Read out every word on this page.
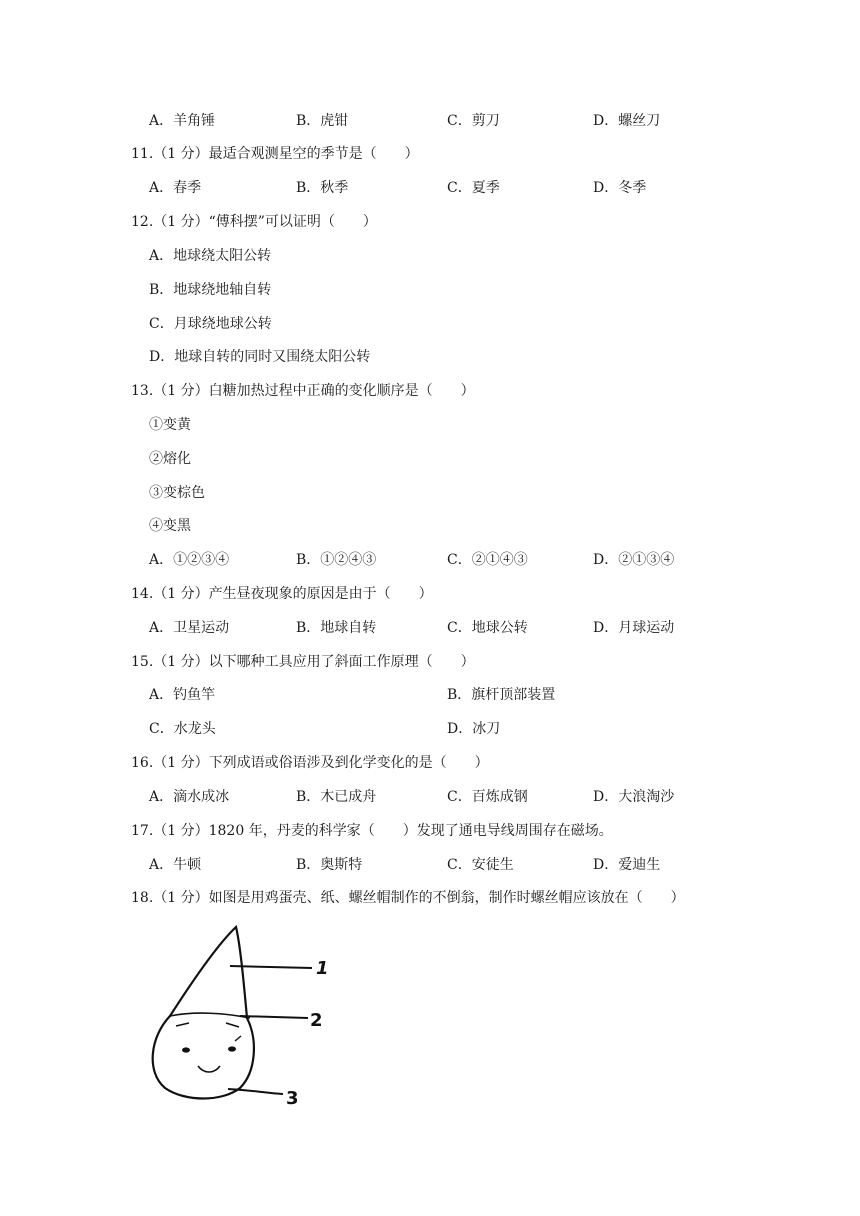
A．羊角锤	B．虎钳	C．剪刀	D．螺丝刀
11.（1 分）最适合观测星空的季节是（　　）
A．春季	B．秋季	C．夏季	D．冬季
12.（1 分）“傅科摆”可以证明（　　）
A．地球绕太阳公转
B．地球绕地轴自转
C．月球绕地球公转
D．地球自转的同时又围绕太阳公转
13.（1 分）白糖加热过程中正确的变化顺序是（　　）
①变黄
②熔化
③变棕色
④变黑
A．①②③④	B．①②④③	C．②①④③	D．②①③④
14.（1 分）产生昼夜现象的原因是由于（　　）
A．卫星运动	B．地球自转	C．地球公转	D．月球运动
15.（1 分）以下哪种工具应用了斜面工作原理（　　）
A．钓鱼竿	B．旗杆顶部装置
C．水龙头	D．冰刀
16.（1 分）下列成语或俗语涉及到化学变化的是（　　）
A．滴水成冰	B．木已成舟	C．百炼成钢	D．大浪淘沙
17.（1 分）1820 年，丹麦的科学家（　　）发现了通电导线周围存在磁场。
A．牛顿	B．奥斯特	C．安徒生	D．爱迪生
18.（1 分）如图是用鸡蛋壳、纸、螺丝帽制作的不倒翁，制作时螺丝帽应该放在（　　）
1
2
3
